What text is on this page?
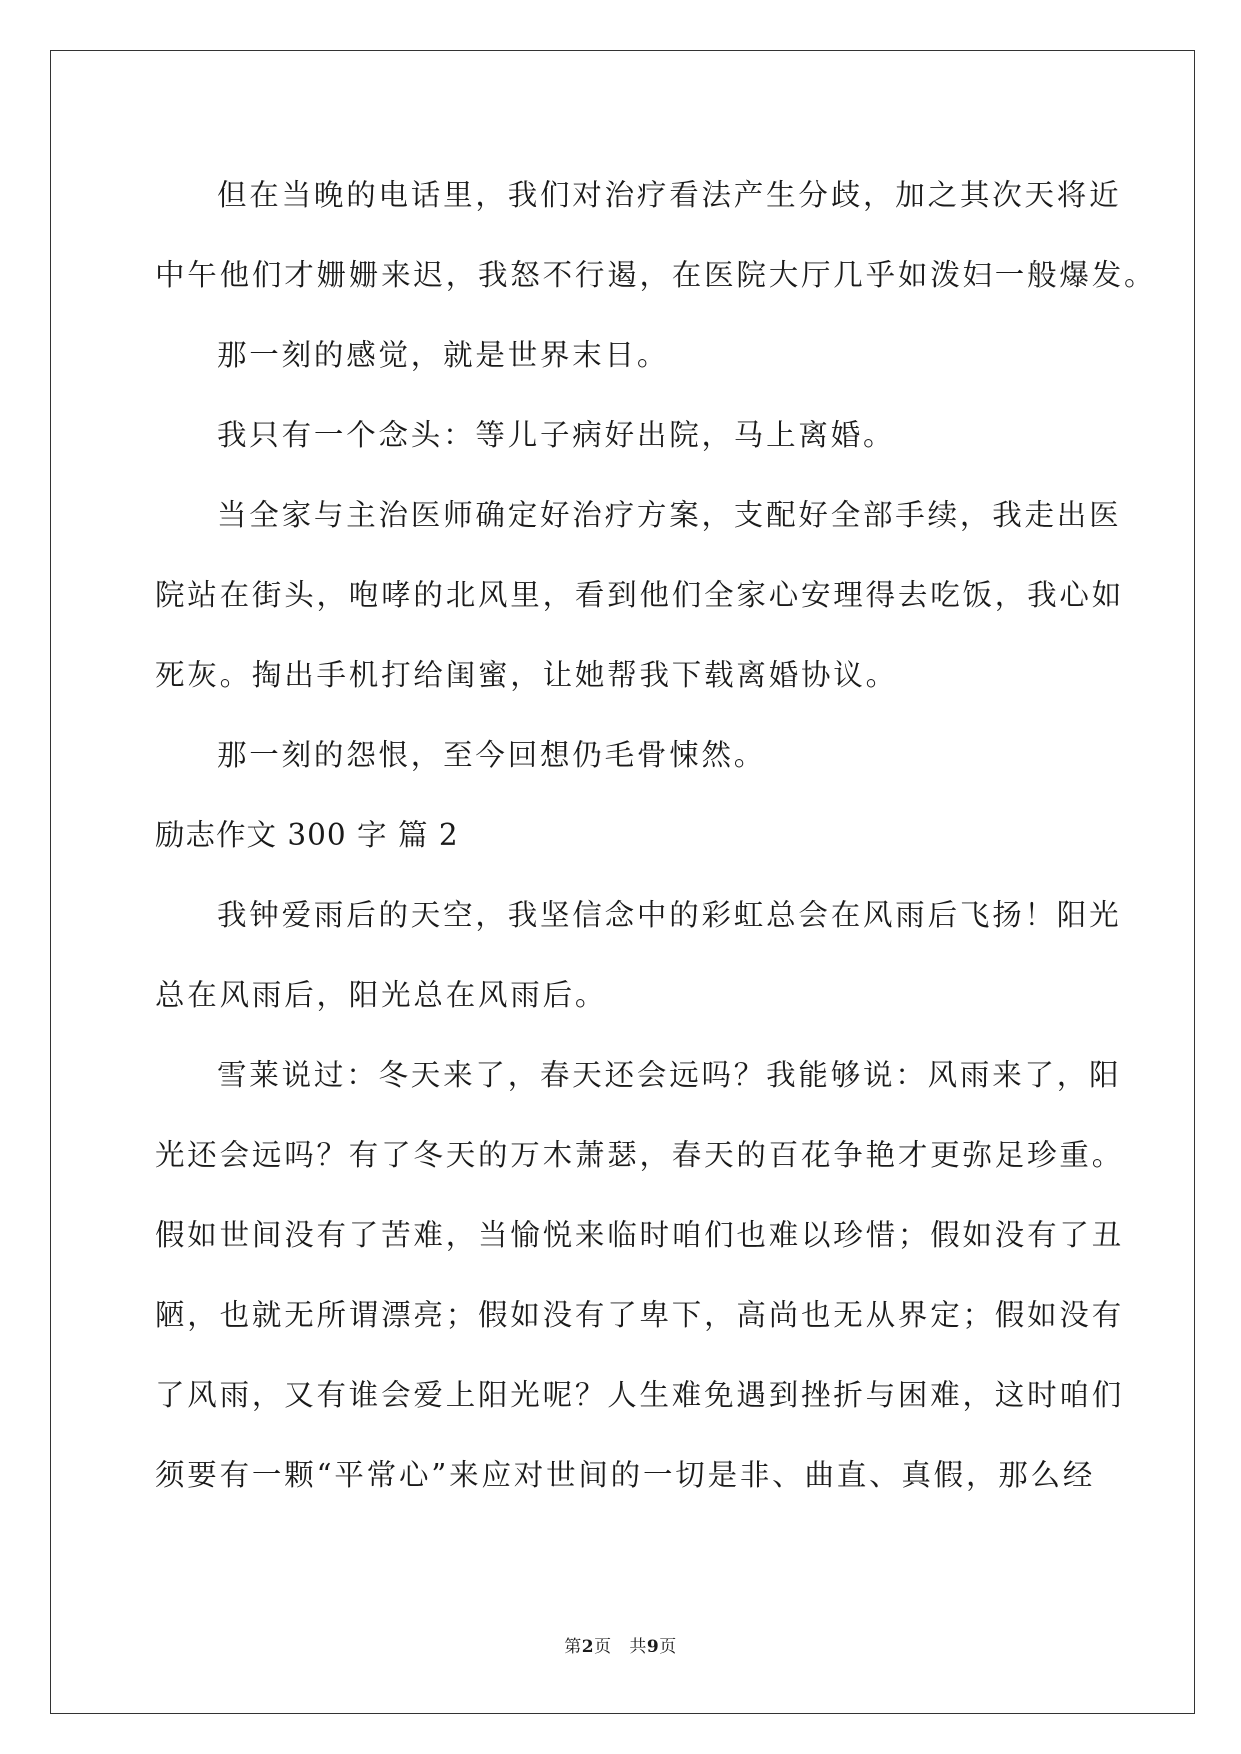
但在当晚的电话里，我们对治疗看法产生分歧，加之其次天将近
中午他们才姗姗来迟，我怒不行遏，在医院大厅几乎如泼妇一般爆发。
那一刻的感觉，就是世界末日。
我只有一个念头：等儿子病好出院，马上离婚。
当全家与主治医师确定好治疗方案，支配好全部手续，我走出医
院站在街头，咆哮的北风里，看到他们全家心安理得去吃饭，我心如
死灰。掏出手机打给闺蜜，让她帮我下载离婚协议。
那一刻的怨恨，至今回想仍毛骨悚然。
励志作文 300 字 篇 2
我钟爱雨后的天空，我坚信念中的彩虹总会在风雨后飞扬！阳光
总在风雨后，阳光总在风雨后。
雪莱说过：冬天来了，春天还会远吗？我能够说：风雨来了，阳
光还会远吗？有了冬天的万木萧瑟，春天的百花争艳才更弥足珍重。
假如世间没有了苦难，当愉悦来临时咱们也难以珍惜；假如没有了丑
陋，也就无所谓漂亮；假如没有了卑下，高尚也无从界定；假如没有
了风雨，又有谁会爱上阳光呢？人生难免遇到挫折与困难，这时咱们
须要有一颗“平常心”来应对世间的一切是非、曲直、真假，那么经
第2页 共9页
